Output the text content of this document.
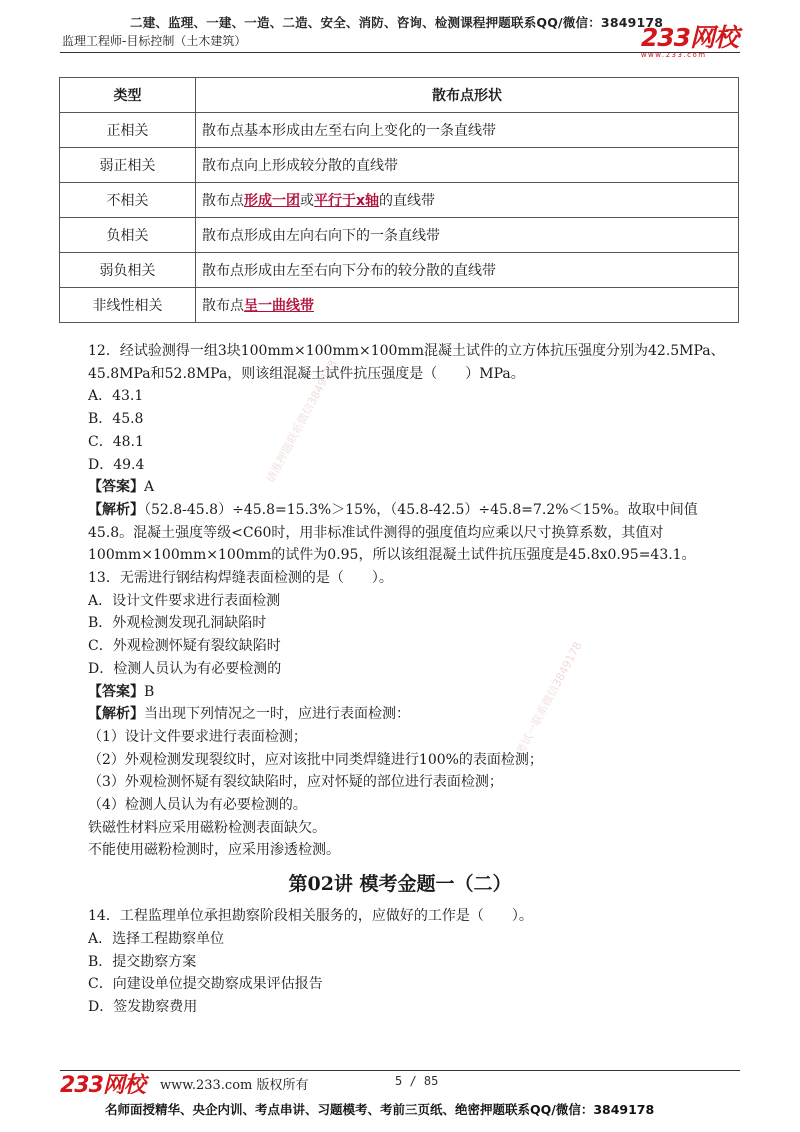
二建、监理、一建、一造、二造、安全、消防、咨询、检测课程押题联系QQ/微信：3849178
监理工程师-目标控制（土木建筑）	233网校
www.233.com
类型	散布点形状
正相关	散布点基本形成由左至右向上变化的一条直线带
弱正相关	散布点向上形成较分散的直线带
不相关	散布点形成一团或平行于x轴的直线带
负相关	散布点形成由左向右向下的一条直线带
弱负相关	散布点形成由左至右向下分布的较分散的直线带
非线性相关	散布点呈一曲线带
请准押题联系微信3849178
考试一联系微信3849178

12．经试验测得一组3块100mm×100mm×100mm混凝土试件的立方体抗压强度分别为42.5MPa、45.8MPa和52.8MPa，则该组混凝土试件抗压强度是（　　）MPa。

A．43.1

B．45.8

C．48.1

D．49.4

【答案】A

【解析】（52.8-45.8）÷45.8=15.3%＞15%，（45.8-42.5）÷45.8=7.2%＜15%。故取中间值45.8。混凝土强度等级<C60时，用非标准试件测得的强度值均应乘以尺寸换算系数，其值对100mm×100mm×100mm的试件为0.95，所以该组混凝土试件抗压强度是45.8x0.95=43.1。

13．无需进行钢结构焊缝表面检测的是（　　）。

A．设计文件要求进行表面检测

B．外观检测发现孔洞缺陷时

C．外观检测怀疑有裂纹缺陷时

D．检测人员认为有必要检测的

【答案】B

【解析】当出现下列情况之一时，应进行表面检测：

（1）设计文件要求进行表面检测；

（2）外观检测发现裂纹时，应对该批中同类焊缝进行100%的表面检测；

（3）外观检测怀疑有裂纹缺陷时，应对怀疑的部位进行表面检测；

（4）检测人员认为有必要检测的。

铁磁性材料应采用磁粉检测表面缺欠。

不能使用磁粉检测时，应采用渗透检测。

第02讲 模考金题一（二）

14．工程监理单位承担勘察阶段相关服务的，应做好的工作是（　　）。

A．选择工程勘察单位

B．提交勘察方案

C．向建设单位提交勘察成果评估报告

D．签发勘察费用

233网校 www.233.com 版权所有	5 / 85
名师面授精华、央企内训、考点串讲、习题模考、考前三页纸、绝密押题联系QQ/微信：3849178
